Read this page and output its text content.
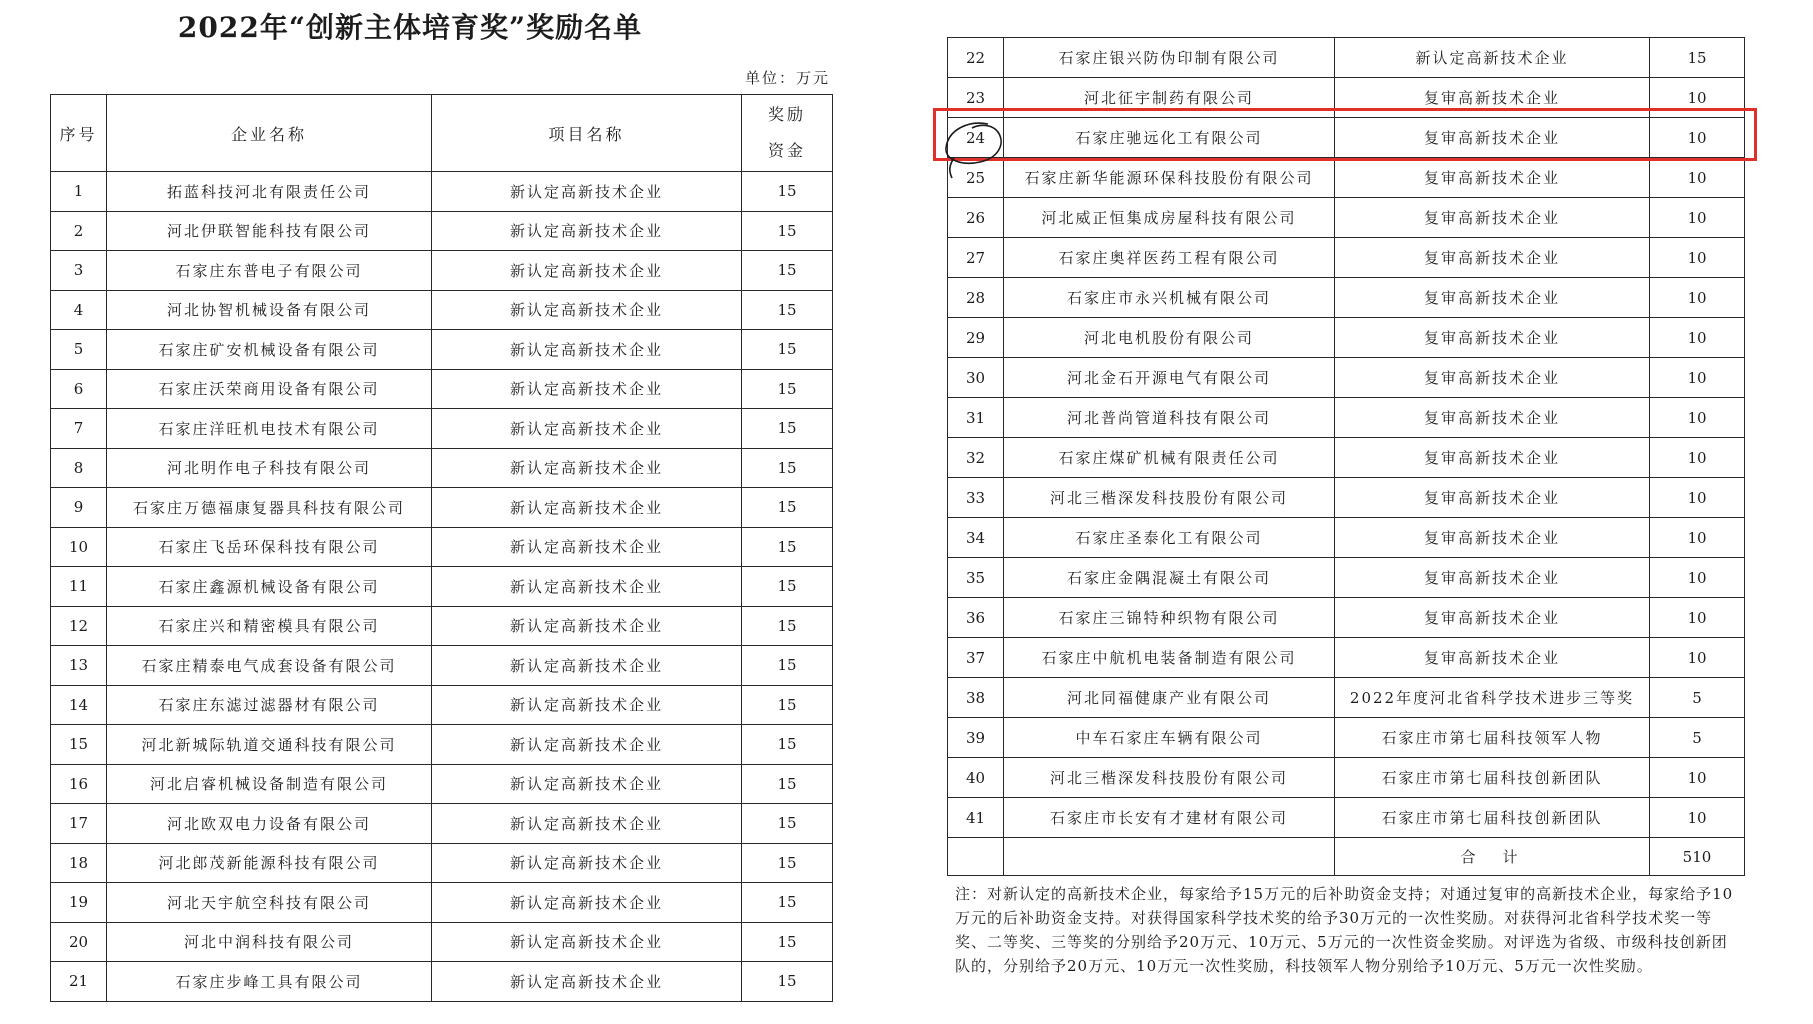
2022年“创新主体培育奖”奖励名单
单位：万元
序号	企业名称	项目名称	奖励
资金

1	拓蓝科技河北有限责任公司	新认定高新技术企业	15
2	河北伊联智能科技有限公司	新认定高新技术企业	15
3	石家庄东普电子有限公司	新认定高新技术企业	15
4	河北协智机械设备有限公司	新认定高新技术企业	15
5	石家庄矿安机械设备有限公司	新认定高新技术企业	15
6	石家庄沃荣商用设备有限公司	新认定高新技术企业	15
7	石家庄洋旺机电技术有限公司	新认定高新技术企业	15
8	河北明作电子科技有限公司	新认定高新技术企业	15
9	石家庄万德福康复器具科技有限公司	新认定高新技术企业	15
10	石家庄飞岳环保科技有限公司	新认定高新技术企业	15
11	石家庄鑫源机械设备有限公司	新认定高新技术企业	15
12	石家庄兴和精密模具有限公司	新认定高新技术企业	15
13	石家庄精泰电气成套设备有限公司	新认定高新技术企业	15
14	石家庄东滤过滤器材有限公司	新认定高新技术企业	15
15	河北新城际轨道交通科技有限公司	新认定高新技术企业	15
16	河北启睿机械设备制造有限公司	新认定高新技术企业	15
17	河北欧双电力设备有限公司	新认定高新技术企业	15
18	河北郎茂新能源科技有限公司	新认定高新技术企业	15
19	河北天宇航空科技有限公司	新认定高新技术企业	15
20	河北中润科技有限公司	新认定高新技术企业	15
21	石家庄步峰工具有限公司	新认定高新技术企业	15
22	石家庄银兴防伪印制有限公司	新认定高新技术企业	15
23	河北征宇制药有限公司	复审高新技术企业	10
24	石家庄驰远化工有限公司	复审高新技术企业	10
25	石家庄新华能源环保科技股份有限公司	复审高新技术企业	10
26	河北威正恒集成房屋科技有限公司	复审高新技术企业	10
27	石家庄奥祥医药工程有限公司	复审高新技术企业	10
28	石家庄市永兴机械有限公司	复审高新技术企业	10
29	河北电机股份有限公司	复审高新技术企业	10
30	河北金石开源电气有限公司	复审高新技术企业	10
31	河北普尚管道科技有限公司	复审高新技术企业	10
32	石家庄煤矿机械有限责任公司	复审高新技术企业	10
33	河北三楷深发科技股份有限公司	复审高新技术企业	10
34	石家庄圣泰化工有限公司	复审高新技术企业	10
35	石家庄金隅混凝土有限公司	复审高新技术企业	10
36	石家庄三锦特种织物有限公司	复审高新技术企业	10
37	石家庄中航机电装备制造有限公司	复审高新技术企业	10
38	河北同福健康产业有限公司	2022年度河北省科学技术进步三等奖	5
39	中车石家庄车辆有限公司	石家庄市第七届科技领军人物	5
40	河北三楷深发科技股份有限公司	石家庄市第七届科技创新团队	10
41	石家庄市长安有才建材有限公司	石家庄市第七届科技创新团队	10
		合　计	510
注：对新认定的高新技术企业，每家给予15万元的后补助资金支持；对通过复审的高新技术企业，每家给予10万元的后补助资金支持。对获得国家科学技术奖的给予30万元的一次性奖励。对获得河北省科学技术奖一等奖、二等奖、三等奖的分别给予20万元、10万元、5万元的一次性资金奖励。对评选为省级、市级科技创新团队的，分别给予20万元、10万元一次性奖励，科技领军人物分别给予10万元、5万元一次性奖励。
